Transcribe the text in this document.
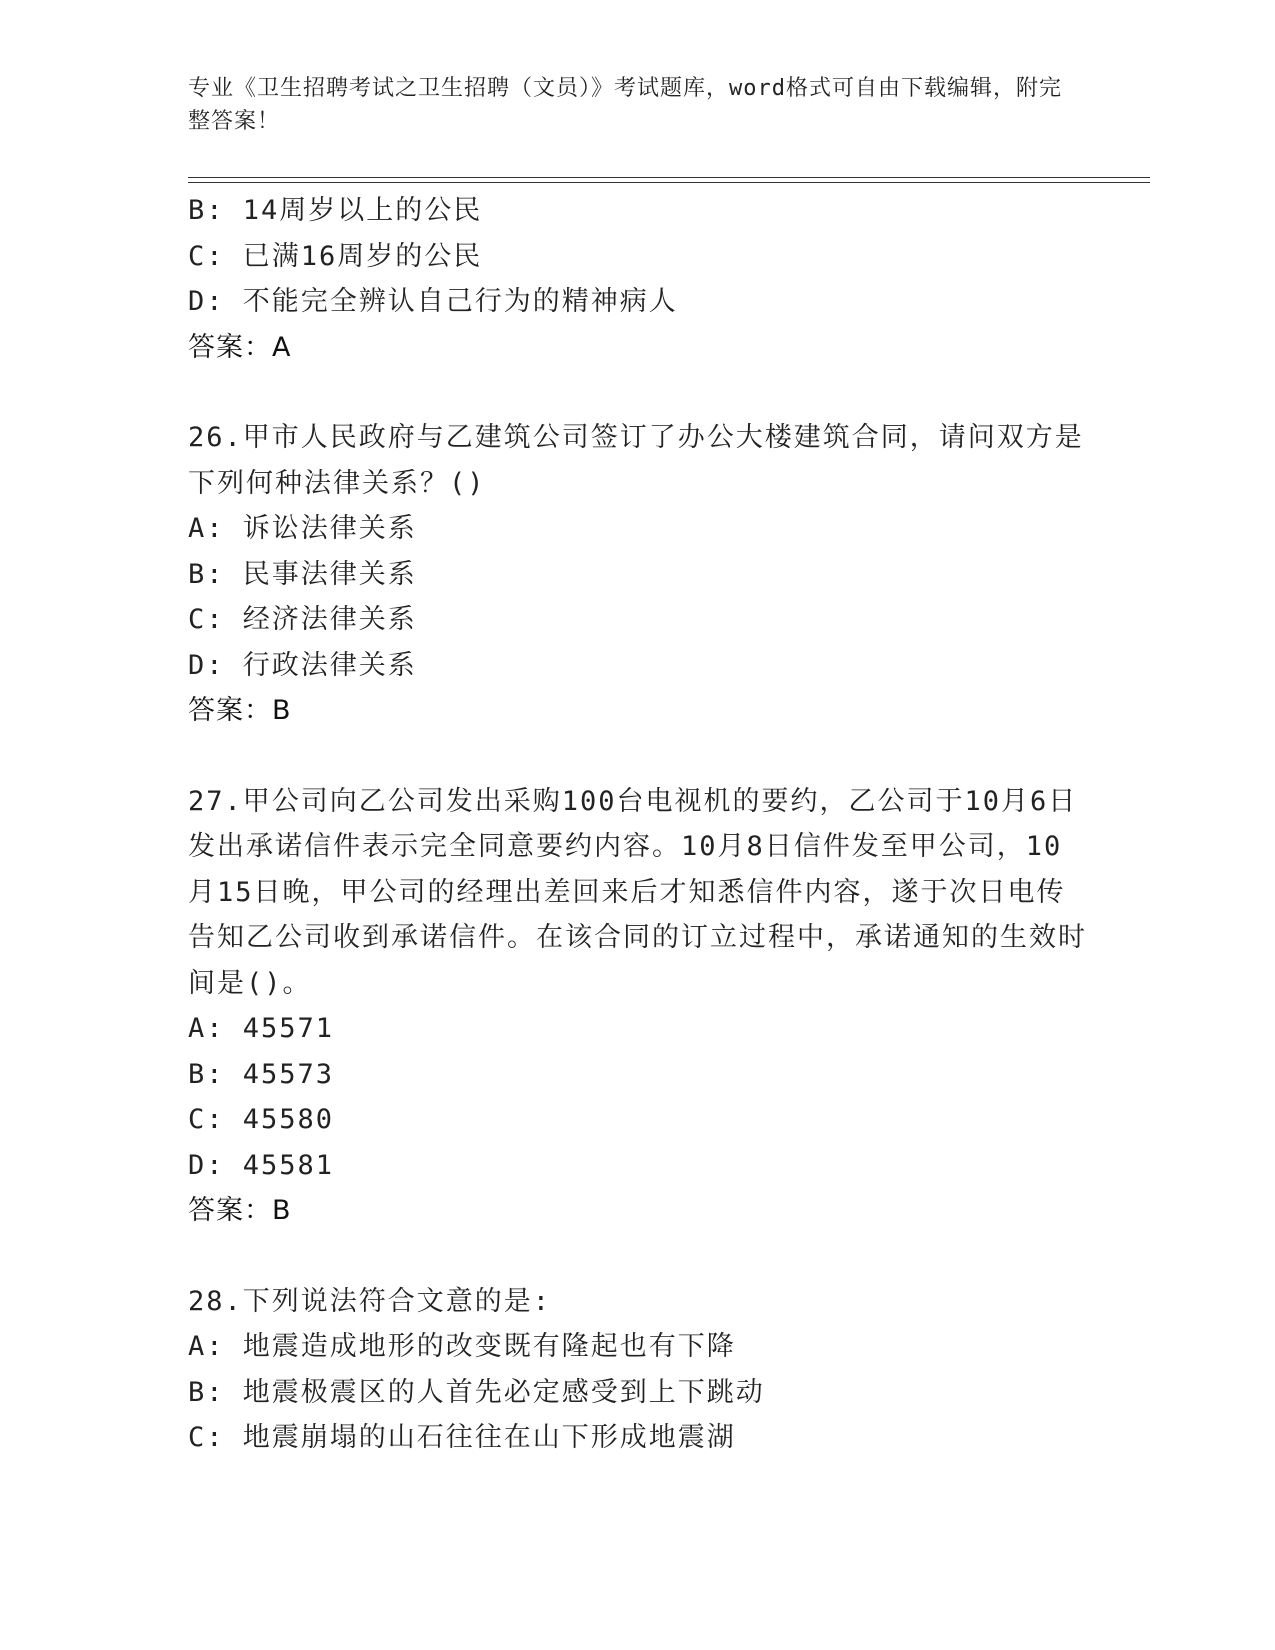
专业《卫生招聘考试之卫生招聘（文员）》考试题库，word格式可自由下载编辑，附完整答案！
B: 14周岁以上的公民
C: 已满16周岁的公民
D: 不能完全辨认自己行为的精神病人
答案：A
26.甲市人民政府与乙建筑公司签订了办公大楼建筑合同，请问双方是下列何种法律关系？()
A: 诉讼法律关系
B: 民事法律关系
C: 经济法律关系
D: 行政法律关系
答案：B
27.甲公司向乙公司发出采购100台电视机的要约，乙公司于10月6日发出承诺信件表示完全同意要约内容。10月8日信件发至甲公司，10月15日晚，甲公司的经理出差回来后才知悉信件内容，遂于次日电传告知乙公司收到承诺信件。在该合同的订立过程中，承诺通知的生效时间是()。
A: 45571
B: 45573
C: 45580
D: 45581
答案：B
28.下列说法符合文意的是:
A: 地震造成地形的改变既有隆起也有下降
B: 地震极震区的人首先必定感受到上下跳动
C: 地震崩塌的山石往往在山下形成地震湖
